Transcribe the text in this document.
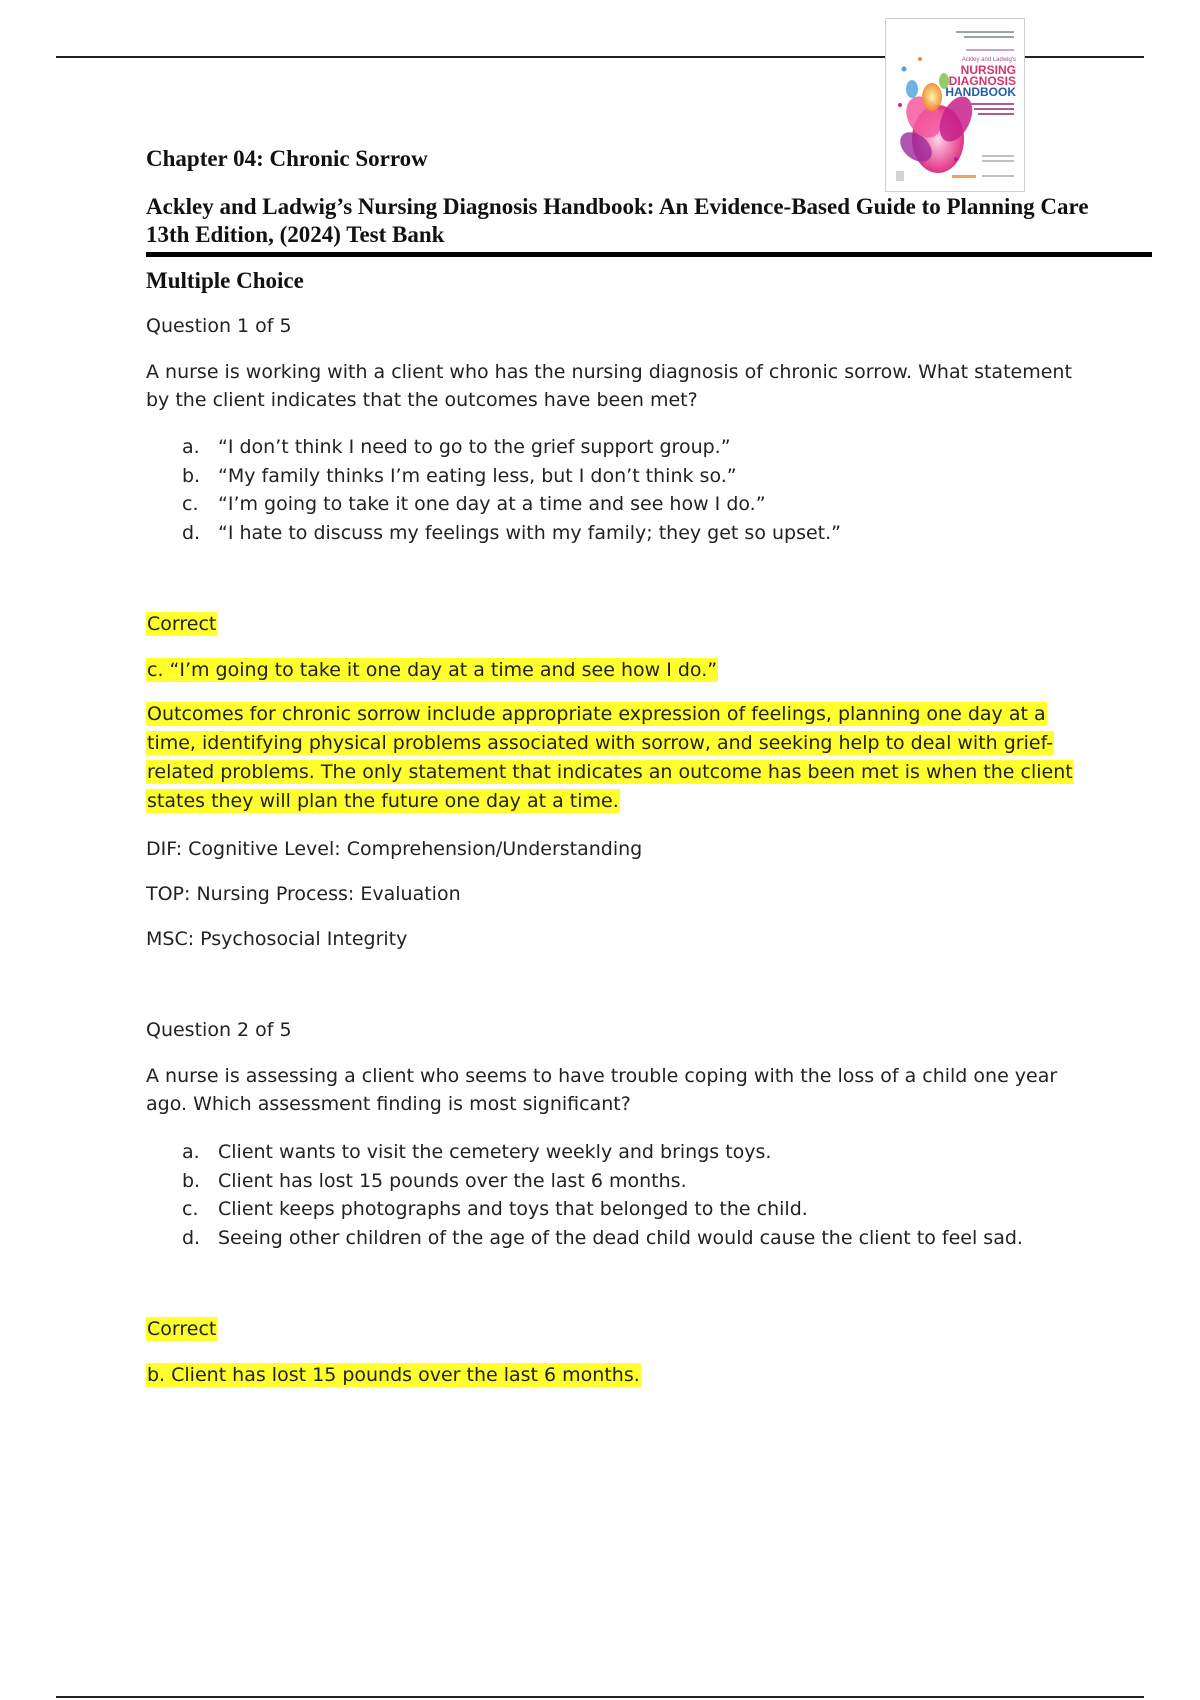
Ackley and Ladwig's
NURSING
DIAGNOSIS
HANDBOOK
Chapter 04: Chronic Sorrow
Ackley and Ladwig’s Nursing Diagnosis Handbook: An Evidence-Based Guide to Planning Care 13th Edition, (2024) Test Bank
Multiple Choice
Question 1 of 5
A nurse is working with a client who has the nursing diagnosis of chronic sorrow. What statement by the client indicates that the outcomes have been met?
a. “I don’t think I need to go to the grief support group.”
b. “My family thinks I’m eating less, but I don’t think so.”
c.	“I’m going to take it one day at a time and see how I do.”
d. “I hate to discuss my feelings with my family; they get so upset.”
Correct
c. “I’m going to take it one day at a time and see how I do.”
Outcomes for chronic sorrow include appropriate expression of feelings, planning one day at a time, identifying physical problems associated with sorrow, and seeking help to deal with grief-related problems. The only statement that indicates an outcome has been met is when the client states they will plan the future one day at a time.
DIF: Cognitive Level: Comprehension/Understanding
TOP: Nursing Process: Evaluation
MSC: Psychosocial Integrity
Question 2 of 5
A nurse is assessing a client who seems to have trouble coping with the loss of a child one year ago. Which assessment finding is most significant?
a. Client wants to visit the cemetery weekly and brings toys.
b. Client has lost 15 pounds over the last 6 months.
c.	Client keeps photographs and toys that belonged to the child.
d. Seeing other children of the age of the dead child would cause the client to feel sad.
Correct
b. Client has lost 15 pounds over the last 6 months.
